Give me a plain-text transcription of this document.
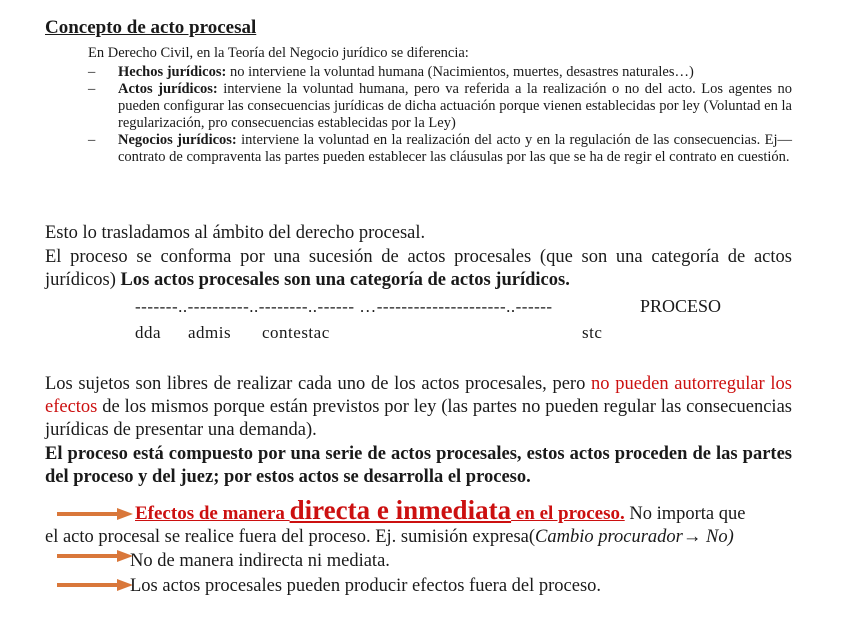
Concepto de acto procesal
En Derecho Civil, en la Teoría del Negocio jurídico se diferencia:
– Hechos jurídicos: no interviene la voluntad humana (Nacimientos, muertes, desastres naturales…)
– Actos jurídicos: interviene la voluntad humana, pero va referida a la realización o no del acto. Los agentes no pueden configurar las consecuencias jurídicas de dicha actuación porque vienen establecidas por ley (Voluntad en la regularización, pro consecuencias establecidas por la Ley)
– Negocios jurídicos: interviene la voluntad en la realización del acto y en la regulación de las consecuencias. Ej—contrato de compraventa las partes pueden establecer las cláusulas por las que se ha de regir el contrato en cuestión.
Esto lo trasladamos al ámbito del derecho procesal.
El proceso se conforma por una sucesión de actos procesales (que son una categoría de actos jurídicos) Los actos procesales son una categoría de actos jurídicos.
-------..----------..--------..------ …---------------------..------	PROCESO
dda admis contestac	stc
Los sujetos son libres de realizar cada uno de los actos procesales, pero no pueden autorregular los efectos de los mismos porque están previstos por ley (las partes no pueden regular las consecuencias jurídicas de presentar una demanda).
El proceso está compuesto por una serie de actos procesales, estos actos proceden de las partes del proceso y del juez; por estos actos se desarrolla el proceso.
Efectos de manera directa e inmediata en el proceso. No importa que
el acto procesal se realice fuera del proceso. Ej. sumisión expresa(Cambio procurador→ No)
No de manera indirecta ni mediata.
Los actos procesales pueden producir efectos fuera del proceso.
